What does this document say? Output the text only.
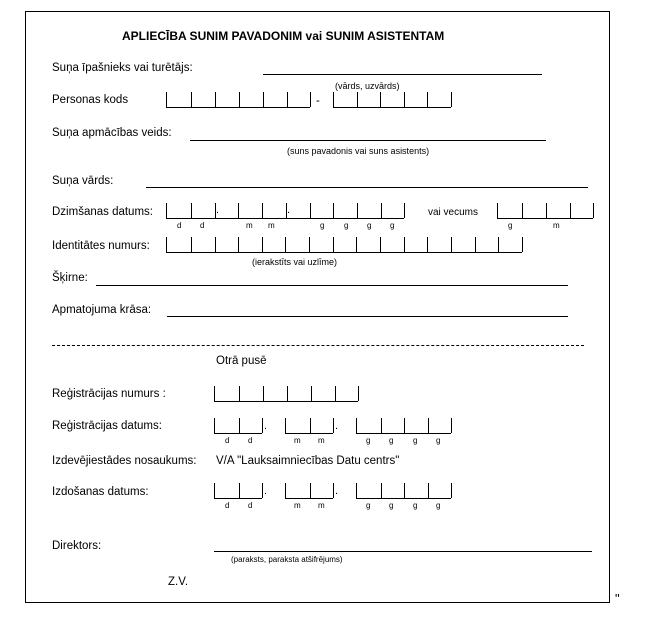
APLIECĪBA SUNIM PAVADONIM vai SUNIM ASISTENTAM
Suņa īpašnieks vai turētājs:
(vārds, uzvārds)
Personas kods	-
Suņa apmācības veids:
(suns pavadonis vai suns asistents)
Suņa vārds:
Dzimšanas datums:	.	.
d d	m m	g g g g
vai vecums
g	m
Identitātes numurs:
(ierakstīts vai uzlīme)
Šķirne:
Apmatojuma krāsa:
Otrā pusē
Reģistrācijas numurs :
Reģistrācijas datums:	.	.
d d	m m	g g g g
Izdevējiestādes nosaukums: V/A "Lauksaimniecības Datu centrs"
Izdošanas datums:	.	.
d d	m m	g g g g
Direktors:
(paraksts, paraksta atšifrējums)
Z.V.
"
